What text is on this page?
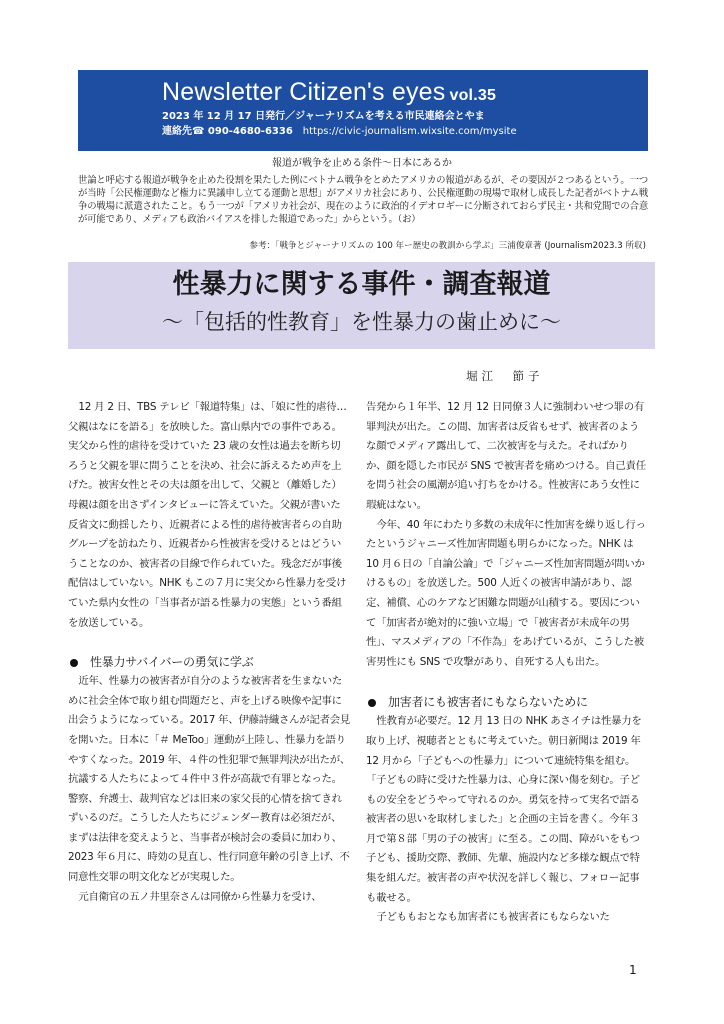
Newsletter Citizen's eyes vol.35
2023 年 12 月 17 日発行／ジャーナリズムを考える市民連絡会とやま
連絡先☎ 090-4680-6336 https://civic-journalism.wixsite.com/mysite
報道が戦争を止める条件～日本にあるか
世論と呼応する報道が戦争を止めた役割を果たした例にベトナム戦争をとめたアメリカの報道があるが、その要因が２つあるという。一つが当時「公民権運動など権力に異議申し立てる運動と思想」がアメリカ社会にあり、公民権運動の現場で取材し成長した記者がベトナム戦争の戦場に派遣されたこと。もう一つが「アメリカ社会が、現在のように政治的イデオロギーに分断されておらず民主・共和党間での合意が可能であり、メディアも政治バイアスを排した報道であった」からという。（お）
参考：「戦争とジャーナリズムの 100 年ー歴史の教訓から学ぶ」三浦俊章著 (Journalism2023.3 所収)
性暴力に関する事件・調査報道
～「包括的性教育」を性暴力の歯止めに～
堀江　節子

12 月 2 日、TBS テレビ「報道特集」は、「娘に性的虐待…父親はなにを語る」を放映した。富山県内での事件である。実父から性的虐待を受けていた 23 歳の女性は過去を断ち切ろうと父親を罪に問うことを決め、社会に訴えるため声を上げた。被害女性とその夫は顔を出して、父親と（離婚した）母親は顔を出さずインタビューに答えていた。父親が書いた反省文に動揺したり、近親者による性的虐待被害者らの自助グループを訪ねたり、近親者から性被害を受けるとはどういうことなのか、被害者の目線で作られていた。残念だが事後配信はしていない。NHK もこの７月に実父から性暴力を受けていた県内女性の「当事者が語る性暴力の実態」という番組を放送している。

性暴力サバイバーの勇気に学ぶ

近年、性暴力の被害者が自分のような被害者を生まないために社会全体で取り組む問題だと、声を上げる映像や記事に出会うようになっている。2017 年、伊藤詩織さんが記者会見を開いた。日本に「＃ MeToo」運動が上陸し、性暴力を語りやすくなった。2019 年、４件の性犯罪で無罪判決が出たが、抗議する人たちによって４件中３件が高裁で有罪となった。警察、弁護士、裁判官などは旧来の家父長的心情を捨てきれずいるのだ。こうした人たちにジェンダー教育は必須だが、まずは法律を変えようと、当事者が検討会の委員に加わり、2023 年６月に、時効の見直し、性行同意年齢の引き上げ、不同意性交罪の明文化などが実現した。

元自衛官の五ノ井里奈さんは同僚から性暴力を受け、

告発から１年半、12 月 12 日同僚３人に強制わいせつ罪の有罪判決が出た。この間、加害者は反省もせず、被害者のような顔でメディア露出して、二次被害を与えた。そればかりか、顔を隠した市民が SNS で被害者を痛めつける。自己責任を問う社会の風潮が追い打ちをかける。性被害にあう女性に瑕疵はない。

今年、40 年にわたり多数の未成年に性加害を繰り返し行ったというジャニーズ性加害問題も明らかになった。NHK は 10 月６日の「自論公論」で「ジャニーズ性加害問題が問いかけるもの」を放送した。500 人近くの被害申請があり、認定、補償、心のケアなど困難な問題が山積する。要因について「加害者が絶対的に強い立場」で「被害者が未成年の男性」、マスメディアの「不作為」をあげているが、こうした被害男性にも SNS で攻撃があり、自死する人も出た。

加害者にも被害者にもならないために

性教育が必要だ。12 月 13 日の NHK あさイチは性暴力を取り上げ、視聴者とともに考えていた。朝日新聞は 2019 年 12 月から「子どもへの性暴力」について連続特集を組む。「子どもの時に受けた性暴力は、心身に深い傷を刻む。子どもの安全をどうやって守れるのか。勇気を持って実名で語る被害者の思いを取材しました」と企画の主旨を書く。今年３月で第８部「男の子の被害」に至る。この間、障がいをもつ子ども、援助交際、教師、先輩、施設内など多様な観点で特集を組んだ。被害者の声や状況を詳しく報じ、フォロー記事も載せる。

子どももおとなも加害者にも被害者にもならないた

1
